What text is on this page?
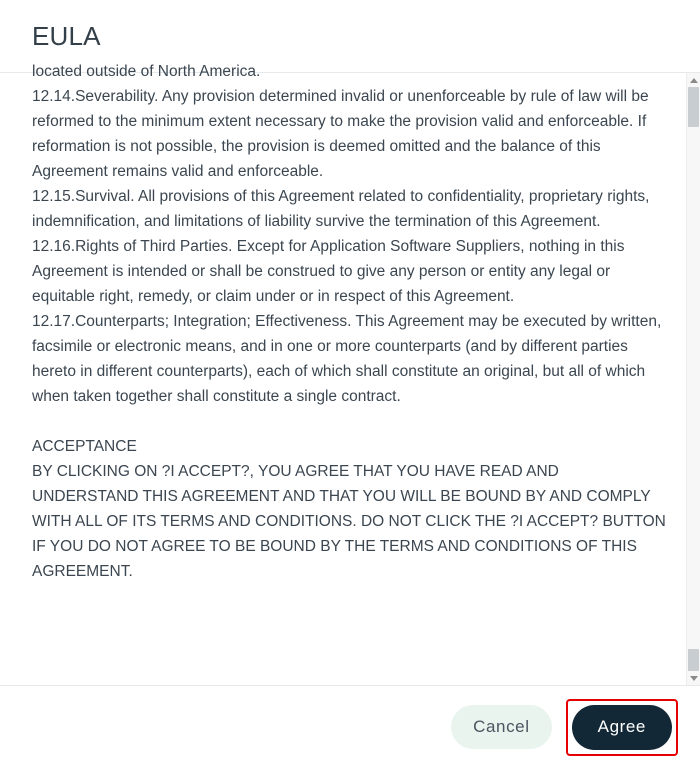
EULA

located outside of North America.

12.14.Severability. Any provision determined invalid or unenforceable by rule of law will be reformed to the minimum extent necessary to make the provision valid and enforceable. If reformation is not possible, the provision is deemed omitted and the balance of this Agreement remains valid and enforceable.

12.15.Survival. All provisions of this Agreement related to confidentiality, proprietary rights, indemnification, and limitations of liability survive the termination of this Agreement.

12.16.Rights of Third Parties. Except for Application Software Suppliers, nothing in this Agreement is intended or shall be construed to give any person or entity any legal or equitable right, remedy, or claim under or in respect of this Agreement.

12.17.Counterparts; Integration; Effectiveness. This Agreement may be executed by written, facsimile or electronic means, and in one or more counterparts (and by different parties hereto in different counterparts), each of which shall constitute an original, but all of which when taken together shall constitute a single contract.

ACCEPTANCE

BY CLICKING ON ?I ACCEPT?, YOU AGREE THAT YOU HAVE READ AND UNDERSTAND THIS AGREEMENT AND THAT YOU WILL BE BOUND BY AND COMPLY WITH ALL OF ITS TERMS AND CONDITIONS. DO NOT CLICK THE ?I ACCEPT? BUTTON IF YOU DO NOT AGREE TO BE BOUND BY THE TERMS AND CONDITIONS OF THIS AGREEMENT.

Cancel	Agree
